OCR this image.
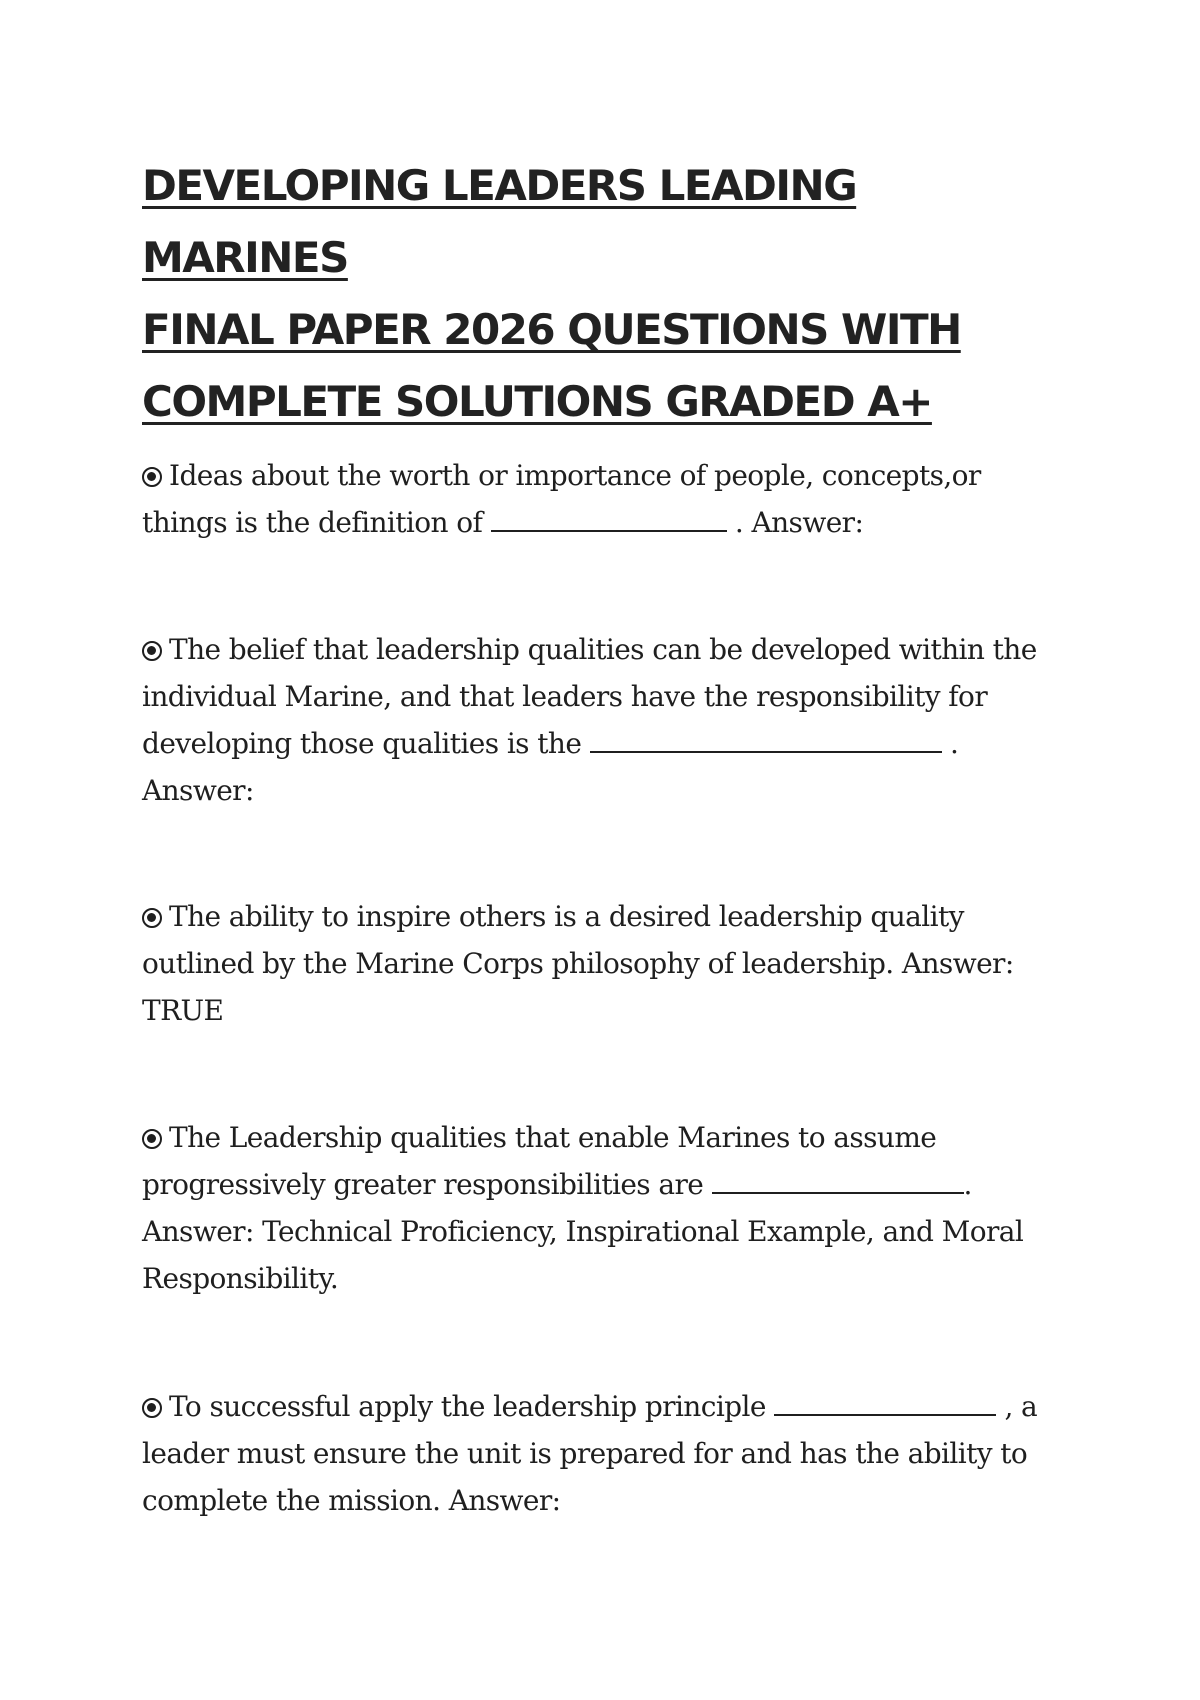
DEVELOPING LEADERS LEADING MARINES
FINAL PAPER 2026 QUESTIONS WITH
COMPLETE SOLUTIONS GRADED A+

Ideas about the worth or importance of people, concepts,or things is the definition of	. Answer:

The belief that leadership qualities can be developed within the individual Marine, and that leaders have the responsibility for developing those qualities is the	. Answer:

The ability to inspire others is a desired leadership quality outlined by the Marine Corps philosophy of leadership. Answer: TRUE

The Leadership qualities that enable Marines to assume progressively greater responsibilities are	. Answer: Technical Proficiency, Inspirational Example, and Moral Responsibility.

To successful apply the leadership principle	, a leader must ensure the unit is prepared for and has the ability to complete the mission. Answer:
